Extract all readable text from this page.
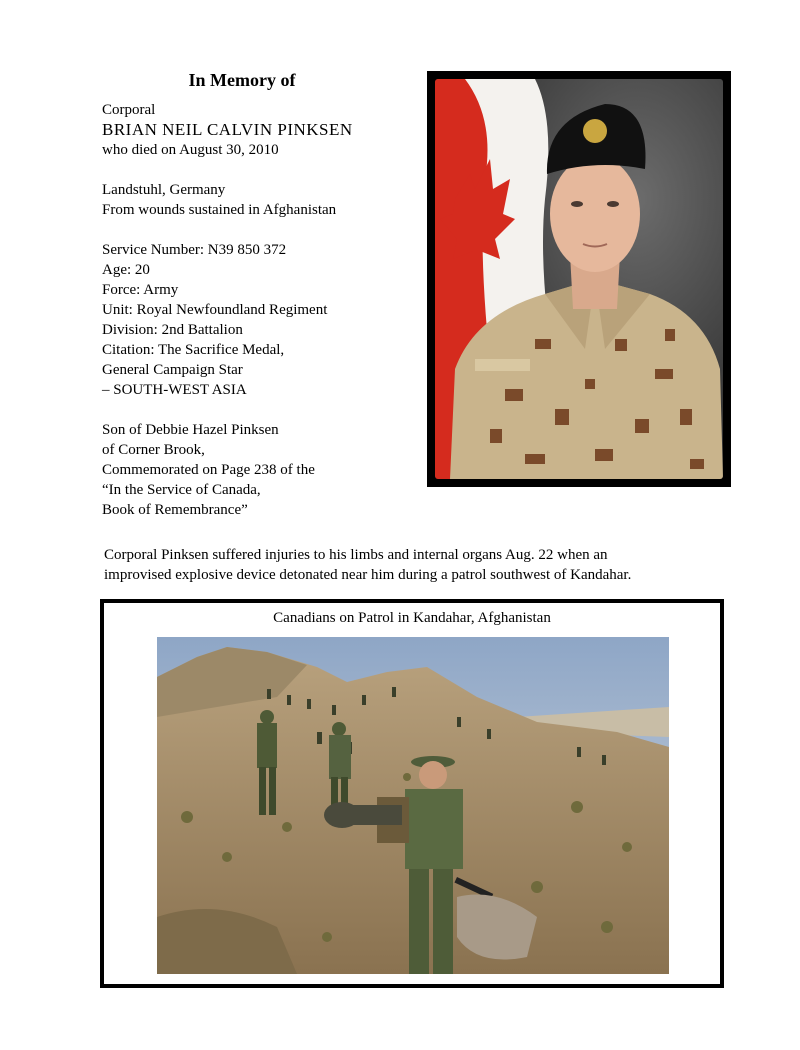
In Memory of
Corporal
BRIAN NEIL CALVIN PINKSEN
who died on August 30, 2010
Landstuhl, Germany
From wounds sustained in Afghanistan
Service Number: N39 850 372
Age: 20
Force: Army
Unit: Royal Newfoundland Regiment
Division: 2nd Battalion
Citation: The Sacrifice Medal,
General Campaign Star
– SOUTH-WEST ASIA
Son of Debbie Hazel Pinksen
of Corner Brook,
Commemorated on Page 238 of the
“In the Service of Canada,
Book of Remembrance”
Corporal Pinksen suffered injuries to his limbs and internal organs Aug. 22 when an
improvised explosive device detonated near him during a patrol southwest of Kandahar.

Canadians on Patrol in Kandahar, Afghanistan
